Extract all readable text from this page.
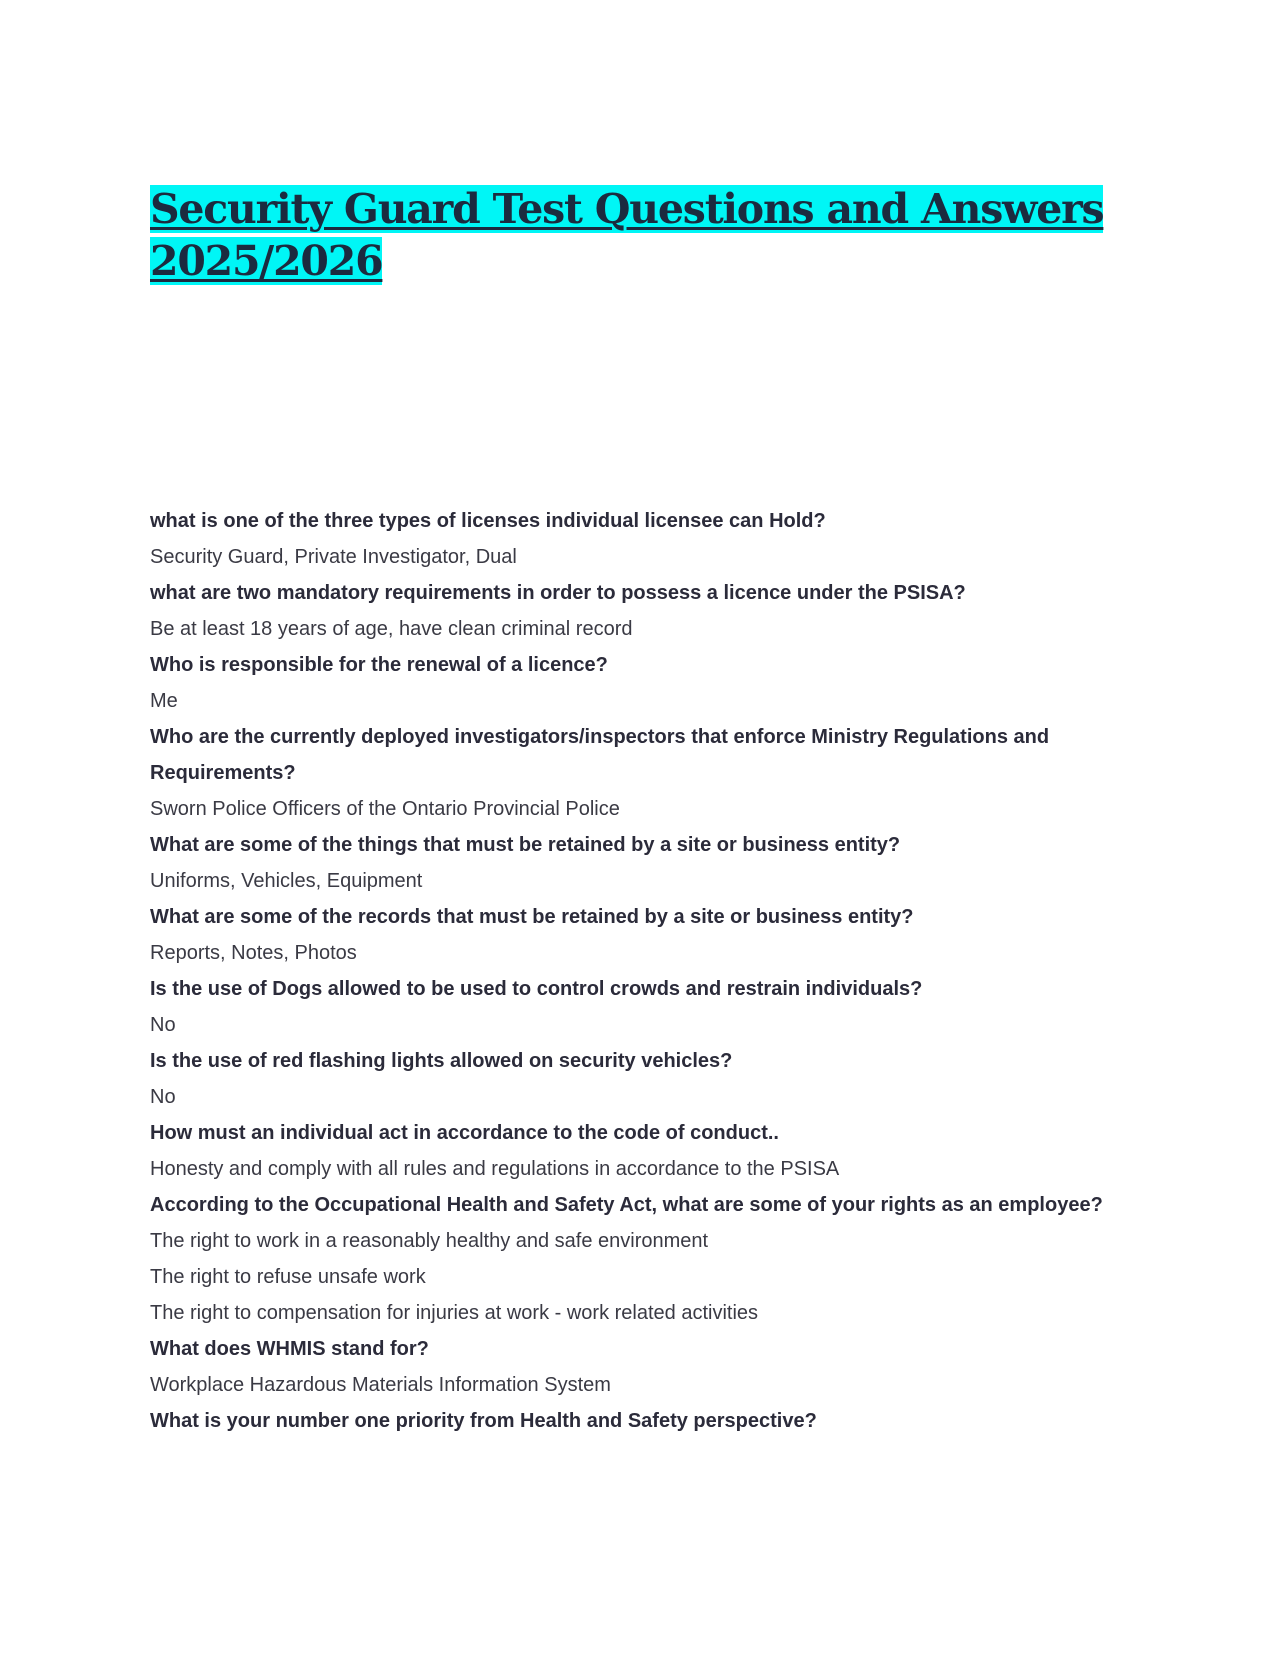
Security Guard Test Questions and Answers 2025/2026

what is one of the three types of licenses individual licensee can Hold?

Security Guard, Private Investigator, Dual

what are two mandatory requirements in order to possess a licence under the PSISA?

Be at least 18 years of age, have clean criminal record

Who is responsible for the renewal of a licence?

Me

Who are the currently deployed investigators/inspectors that enforce Ministry Regulations and Requirements?

Sworn Police Officers of the Ontario Provincial Police

What are some of the things that must be retained by a site or business entity?

Uniforms, Vehicles, Equipment

What are some of the records that must be retained by a site or business entity?

Reports, Notes, Photos

Is the use of Dogs allowed to be used to control crowds and restrain individuals?

No

Is the use of red flashing lights allowed on security vehicles?

No

How must an individual act in accordance to the code of conduct..

Honesty and comply with all rules and regulations in accordance to the PSISA

According to the Occupational Health and Safety Act, what are some of your rights as an employee?

The right to work in a reasonably healthy and safe environment

The right to refuse unsafe work

The right to compensation for injuries at work - work related activities

What does WHMIS stand for?

Workplace Hazardous Materials Information System

What is your number one priority from Health and Safety perspective?
